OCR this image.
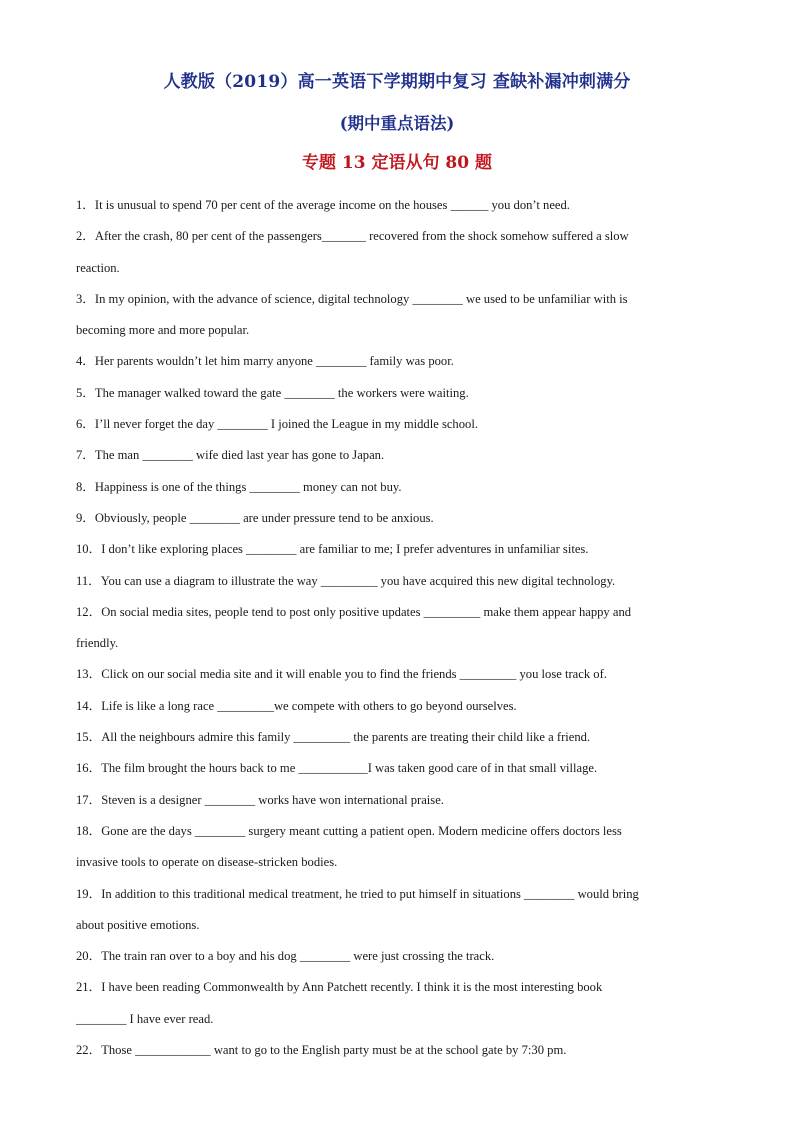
人教版（2019）高一英语下学期期中复习 查缺补漏冲刺满分
(期中重点语法)
专题 13 定语从句 80 题
1．It is unusual to spend 70 per cent of the average income on the houses ______ you don’t need.
2．After the crash, 80 per cent of the passengers_______ recovered from the shock somehow suffered a slow
reaction.
3．In my opinion, with the advance of science, digital technology ________ we used to be unfamiliar with is
becoming more and more popular.
4．Her parents wouldn’t let him marry anyone ________ family was poor.
5．The manager walked toward the gate ________ the workers were waiting.
6．I’ll never forget the day ________ I joined the League in my middle school.
7．The man ________ wife died last year has gone to Japan.
8．Happiness is one of the things ________ money can not buy.
9．Obviously, people ________ are under pressure tend to be anxious.
10．I don’t like exploring places ________ are familiar to me; I prefer adventures in unfamiliar sites.
11．You can use a diagram to illustrate the way _________ you have acquired this new digital technology.
12．On social media sites, people tend to post only positive updates _________ make them appear happy and
friendly.
13．Click on our social media site and it will enable you to find the friends _________ you lose track of.
14．Life is like a long race _________we compete with others to go beyond ourselves.
15．All the neighbours admire this family _________ the parents are treating their child like a friend.
16．The film brought the hours back to me ___________I was taken good care of in that small village.
17．Steven is a designer ________ works have won international praise.
18．Gone are the days ________ surgery meant cutting a patient open. Modern medicine offers doctors less
invasive tools to operate on disease-stricken bodies.
19．In addition to this traditional medical treatment, he tried to put himself in situations ________ would bring
about positive emotions.
20．The train ran over to a boy and his dog ________ were just crossing the track.
21．I have been reading Commonwealth by Ann Patchett recently. I think it is the most interesting book
________ I have ever read.
22．Those ____________ want to go to the English party must be at the school gate by 7:30 pm.
